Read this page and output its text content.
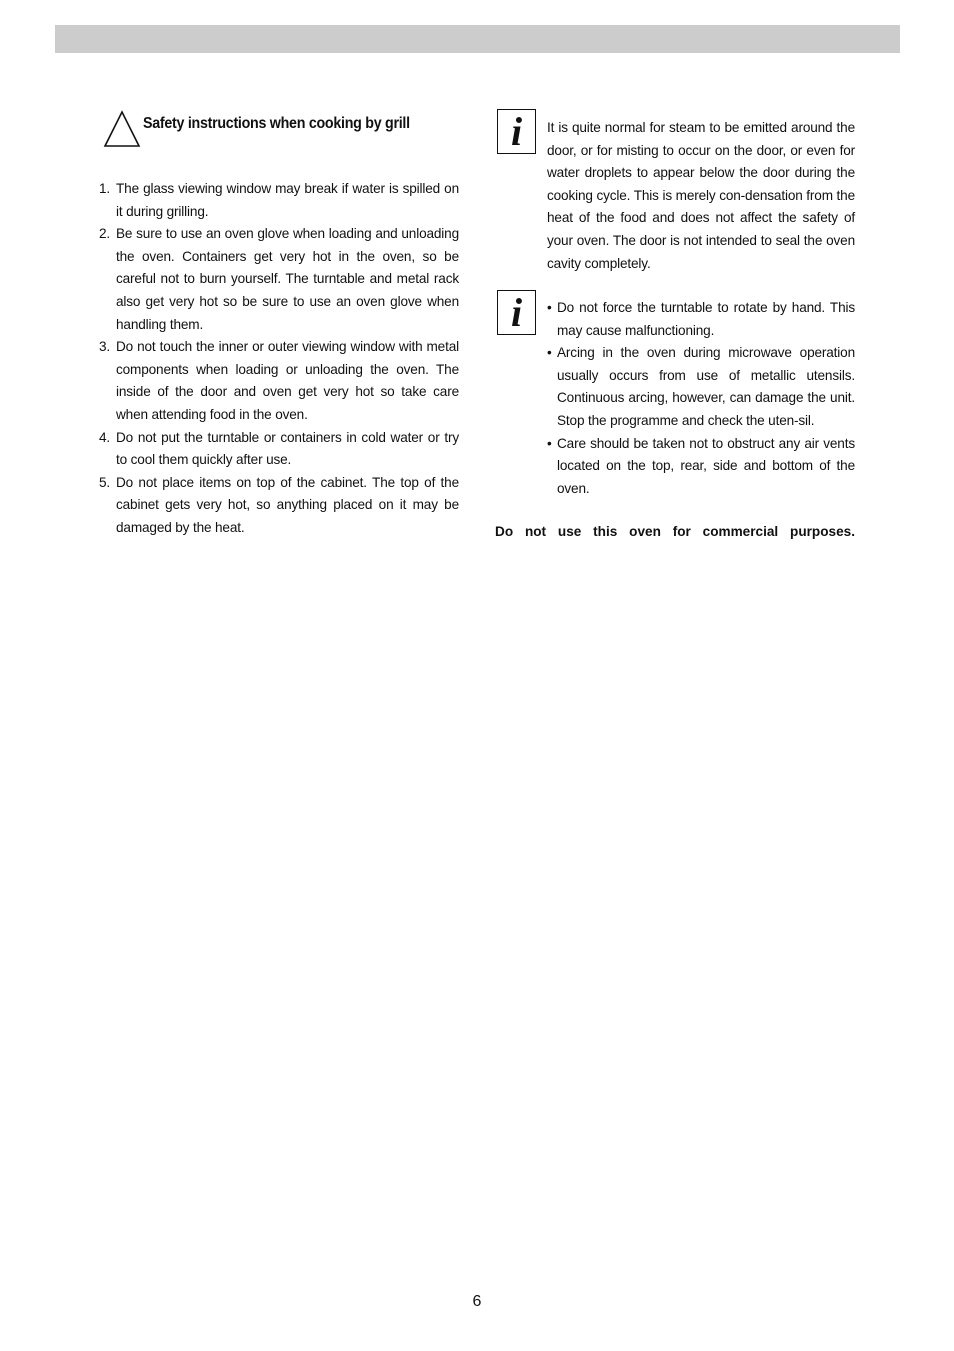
Safety instructions when cooking by grill
1. The glass viewing window may break if water is spilled on it during grilling.
2. Be sure to use an oven glove when loading and unloading the oven. Containers get very hot in the oven, so be careful not to burn yourself. The turntable and metal rack also get very hot so be sure to use an oven glove when handling them.
3. Do not touch the inner or outer viewing window with metal components when loading or unloading the oven. The inside of the door and oven get very hot so take care when attending food in the oven.
4. Do not put the turntable or containers in cold water or try to cool them quickly after use.
5. Do not place items on top of the cabinet. The top of the cabinet gets very hot, so anything placed on it may be damaged by the heat.
i	It is quite normal for steam to be emitted around the door, or for misting to occur on the door, or even for water droplets to appear below the door during the cooking cycle. This is merely con-densation from the heat of the food and does not affect the safety of your oven. The door is not intended to seal the oven cavity completely.

i	• Do not force the turntable to rotate by hand. This may cause malfunctioning.
• Arcing in the oven during microwave operation usually occurs from use of metallic utensils. Continuous arcing, however, can damage the unit. Stop the programme and check the uten-sil.
• Care should be taken not to obstruct any air vents located on the top, rear, side and bottom of the oven.

Do not use this oven for commercial purposes.

6
